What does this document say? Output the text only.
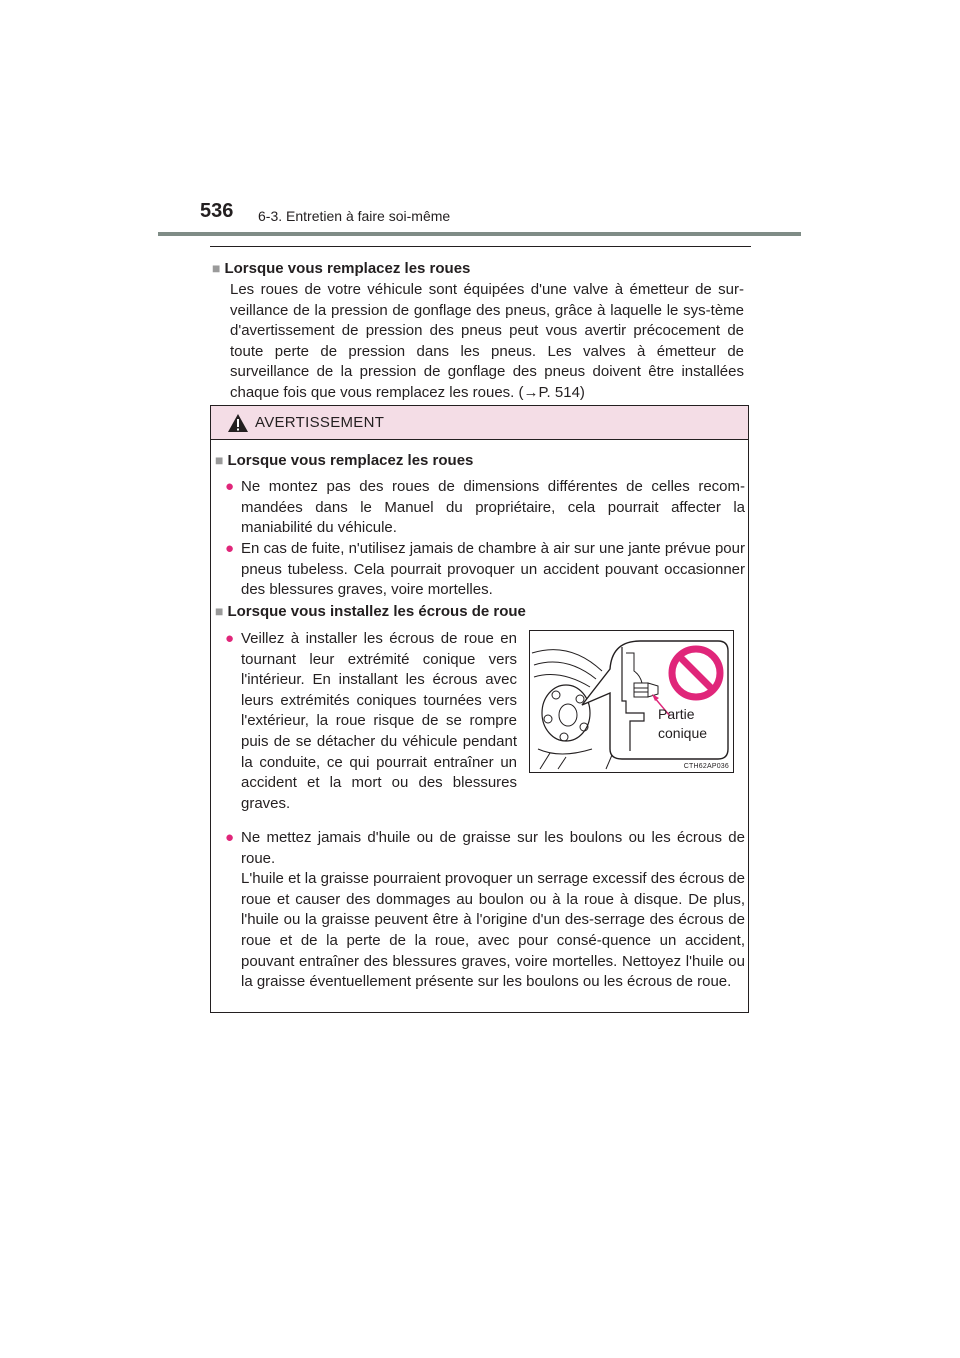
536 6-3. Entretien à faire soi-même
■ Lorsque vous remplacez les roues
Les roues de votre véhicule sont équipées d'une valve à émetteur de sur-veillance de la pression de gonflage des pneus, grâce à laquelle le sys-tème d'avertissement de pression des pneus peut vous avertir précocement de toute perte de pression dans les pneus. Les valves à émetteur de surveillance de la pression de gonflage des pneus doivent être installées chaque fois que vous remplacez les roues. (→P. 514)
AVERTISSEMENT
■ Lorsque vous remplacez les roues
● Ne montez pas des roues de dimensions différentes de celles recom-mandées dans le Manuel du propriétaire, cela pourrait affecter la maniabilité du véhicule.
● En cas de fuite, n'utilisez jamais de chambre à air sur une jante prévue pour pneus tubeless. Cela pourrait provoquer un accident pouvant occasionner des blessures graves, voire mortelles.
■ Lorsque vous installez les écrous de roue
● Veillez à installer les écrous de roue en tournant leur extrémité conique vers l'intérieur. En installant les écrous avec leurs extrémités coniques tournées vers l'extérieur, la roue risque de se rompre puis de se détacher du véhicule pendant la conduite, ce qui pourrait entraîner un accident et la mort ou des blessures graves.
Partie
conique
CTH62AP036
● Ne mettez jamais d'huile ou de graisse sur les boulons ou les écrous de roue.

L'huile et la graisse pourraient provoquer un serrage excessif des écrous de roue et causer des dommages au boulon ou à la roue à disque. De plus, l'huile ou la graisse peuvent être à l'origine d'un des-serrage des écrous de roue et de la perte de la roue, avec pour consé-quence un accident, pouvant entraîner des blessures graves, voire mortelles. Nettoyez l'huile ou la graisse éventuellement présente sur les boulons ou les écrous de roue.
